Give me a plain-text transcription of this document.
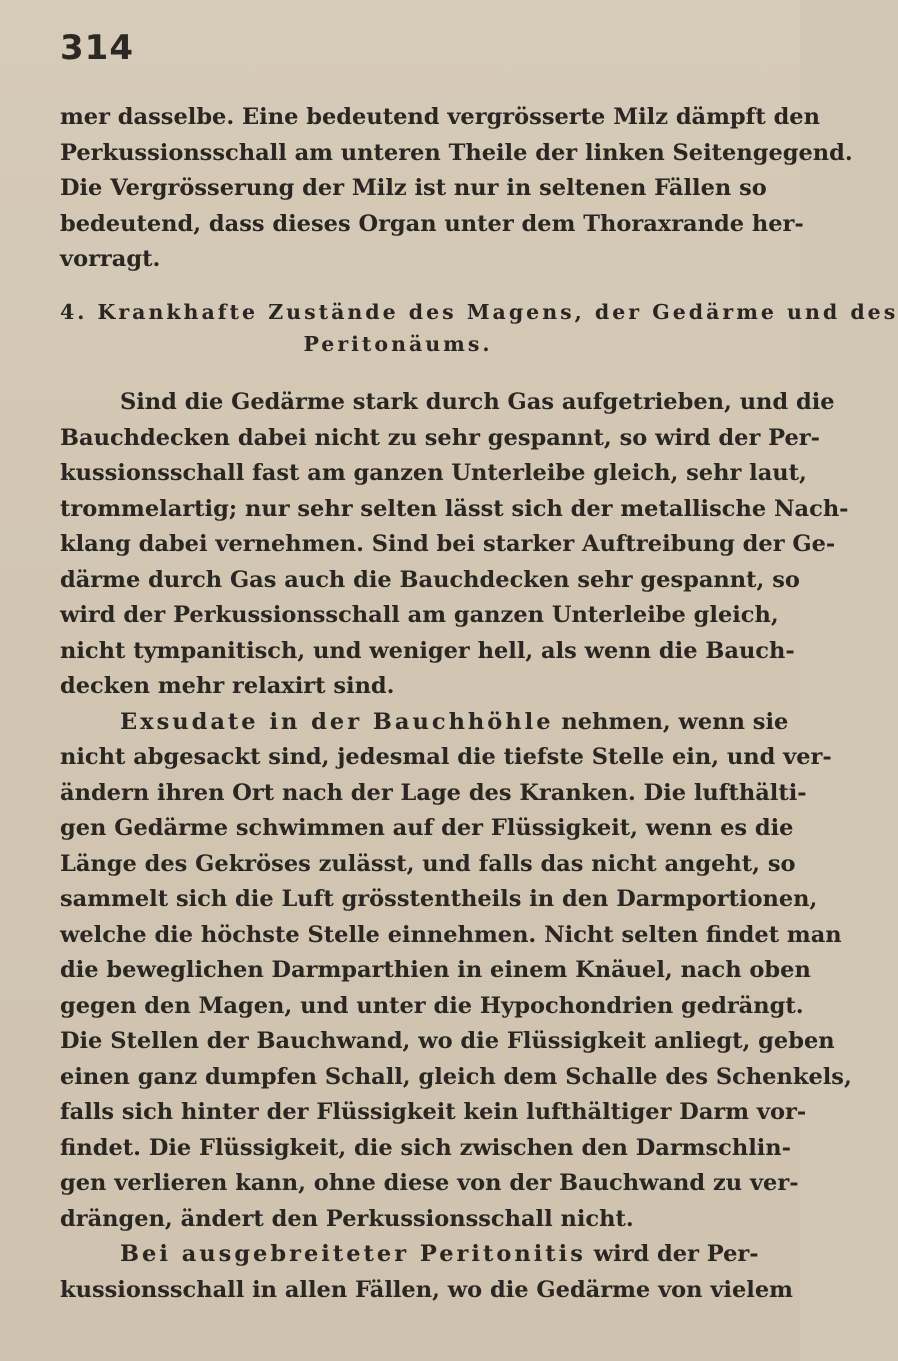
314
mer dasselbe. Eine bedeutend vergrösserte Milz dämpft den
Perkussionsschall am unteren Theile der linken Seitengegend.
Die Vergrösserung der Milz ist nur in seltenen Fällen so
bedeutend, dass dieses Organ unter dem Thoraxrande her-
vorragt.
4. Krankhafte Zustände des Magens, der Gedärme und des
Peritonäums.
Sind die Gedärme stark durch Gas aufgetrieben, und die
Bauchdecken dabei nicht zu sehr gespannt, so wird der Per-
kussionsschall fast am ganzen Unterleibe gleich, sehr laut,
trommelartig; nur sehr selten lässt sich der metallische Nach-
klang dabei vernehmen. Sind bei starker Auftreibung der Ge-
därme durch Gas auch die Bauchdecken sehr gespannt, so
wird der Perkussionsschall am ganzen Unterleibe gleich,
nicht tympanitisch, und weniger hell, als wenn die Bauch-
decken mehr relaxirt sind.
Exsudate in der Bauchhöhle nehmen, wenn sie
nicht abgesackt sind, jedesmal die tiefste Stelle ein, und ver-
ändern ihren Ort nach der Lage des Kranken. Die lufthälti-
gen Gedärme schwimmen auf der Flüssigkeit, wenn es die
Länge des Gekröses zulässt, und falls das nicht angeht, so
sammelt sich die Luft grösstentheils in den Darmportionen,
welche die höchste Stelle einnehmen. Nicht selten findet man
die beweglichen Darmparthien in einem Knäuel, nach oben
gegen den Magen, und unter die Hypochondrien gedrängt.
Die Stellen der Bauchwand, wo die Flüssigkeit anliegt, geben
einen ganz dumpfen Schall, gleich dem Schalle des Schenkels,
falls sich hinter der Flüssigkeit kein lufthältiger Darm vor-
findet. Die Flüssigkeit, die sich zwischen den Darmschlin-
gen verlieren kann, ohne diese von der Bauchwand zu ver-
drängen, ändert den Perkussionsschall nicht.
Bei ausgebreiteter Peritonitis wird der Per-
kussionsschall in allen Fällen, wo die Gedärme von vielem
